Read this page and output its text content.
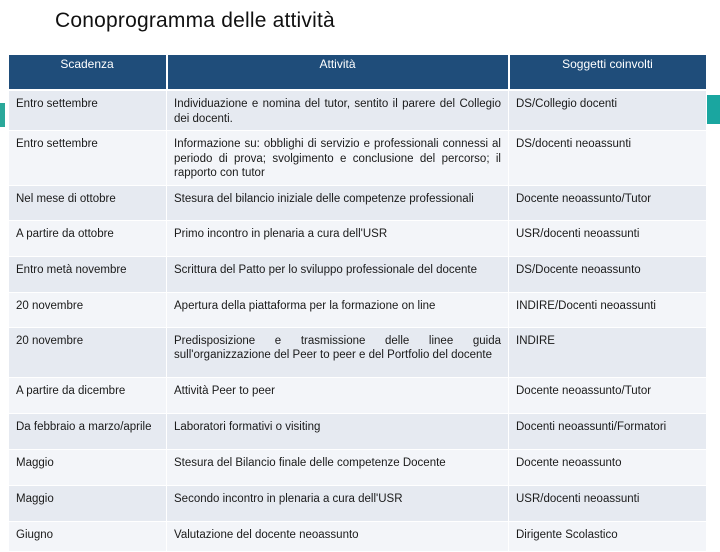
Conoprogramma delle attività
Scadenza	Attività	Soggetti coinvolti
Entro settembre	Individuazione e nomina del tutor, sentito il parere del Collegio dei docenti.	DS/Collegio docenti
Entro settembre	Informazione su: obblighi di servizio e professionali connessi al periodo di prova; svolgimento e conclusione del percorso; il rapporto con tutor	DS/docenti neoassunti
Nel mese di ottobre	Stesura del bilancio iniziale delle competenze professionali	Docente neoassunto/Tutor
A partire da ottobre	Primo incontro in plenaria a cura dell'USR	USR/docenti neoassunti
Entro metà novembre	Scrittura del Patto per lo sviluppo professionale del docente	DS/Docente neoassunto
20 novembre	Apertura della piattaforma per la formazione on line	INDIRE/Docenti neoassunti
20 novembre	Predisposizione e trasmissione delle linee guida sull'organizzazione del Peer to peer e del Portfolio del docente	INDIRE
A partire da dicembre	Attività Peer to peer	Docente neoassunto/Tutor
Da febbraio a marzo/aprile	Laboratori formativi o visiting	Docenti neoassunti/Formatori
Maggio	Stesura del Bilancio finale delle competenze Docente	Docente neoassunto
Maggio	Secondo incontro in plenaria a cura dell'USR	USR/docenti neoassunti
Giugno	Valutazione del docente neoassunto	Dirigente Scolastico
